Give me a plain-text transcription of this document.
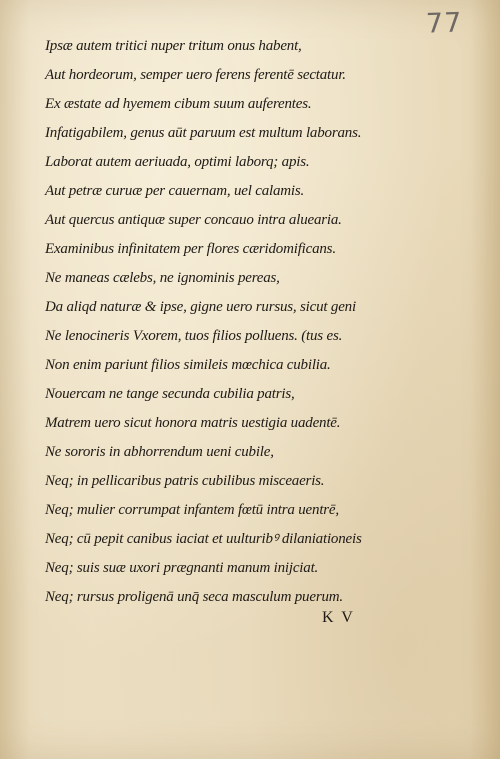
77
Ipsæ autem tritici nuper tritum onus habent,
Aut hordeorum, semper uero ferens ferentē sectatur.
Ex æstate ad hyemem cibum suum auferentes.
Infatigabilem, genus aūt paruum est multum laborans.
Laborat autem aeriuada, optimi laborq; apis.
Aut petræ curuæ per cauernam, uel calamis.
Aut quercus antiquæ super concauo intra aluearia.
Examinibus infinitatem per flores cæridomificans.
Ne maneas cælebs, ne ignominis pereas,
Da aliqd naturæ & ipse, gigne uero rursus, sicut geni
Ne lenocineris Vxorem, tuos filios polluens. (tus es.
Non enim pariunt filios simileis mœchica cubilia.
Nouercam ne tange secunda cubilia patris,
Matrem uero sicut honora matris uestigia uadentē.
Ne sororis in abhorrendum ueni cubile,
Neq; in pellicaribus patris cubilibus misceaeris.
Neq; mulier corrumpat infantem fœtū intra uentrē,
Neq; cū pepit canibus iaciat et uulturibꝰ dilaniationeis
Neq; suis suæ uxori prægnanti manum inijciat.
Neq; rursus proligenā unq̄ seca masculum puerum.
K V
